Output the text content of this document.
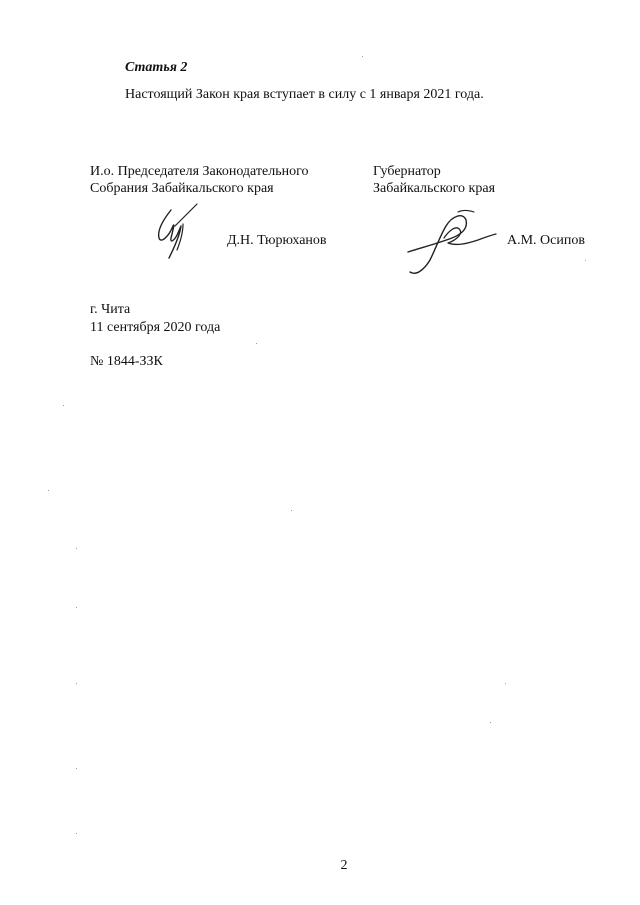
Статья 2
Настоящий Закон края вступает в силу с 1 января 2021 года.
И.о. Председателя Законодательного
Собрания Забайкальского края
Губернатор
Забайкальского края
Д.Н. Тюрюханов	А.М. Осипов
г. Чита
11 сентября 2020 года
№ 1844-ЗЗК
2
